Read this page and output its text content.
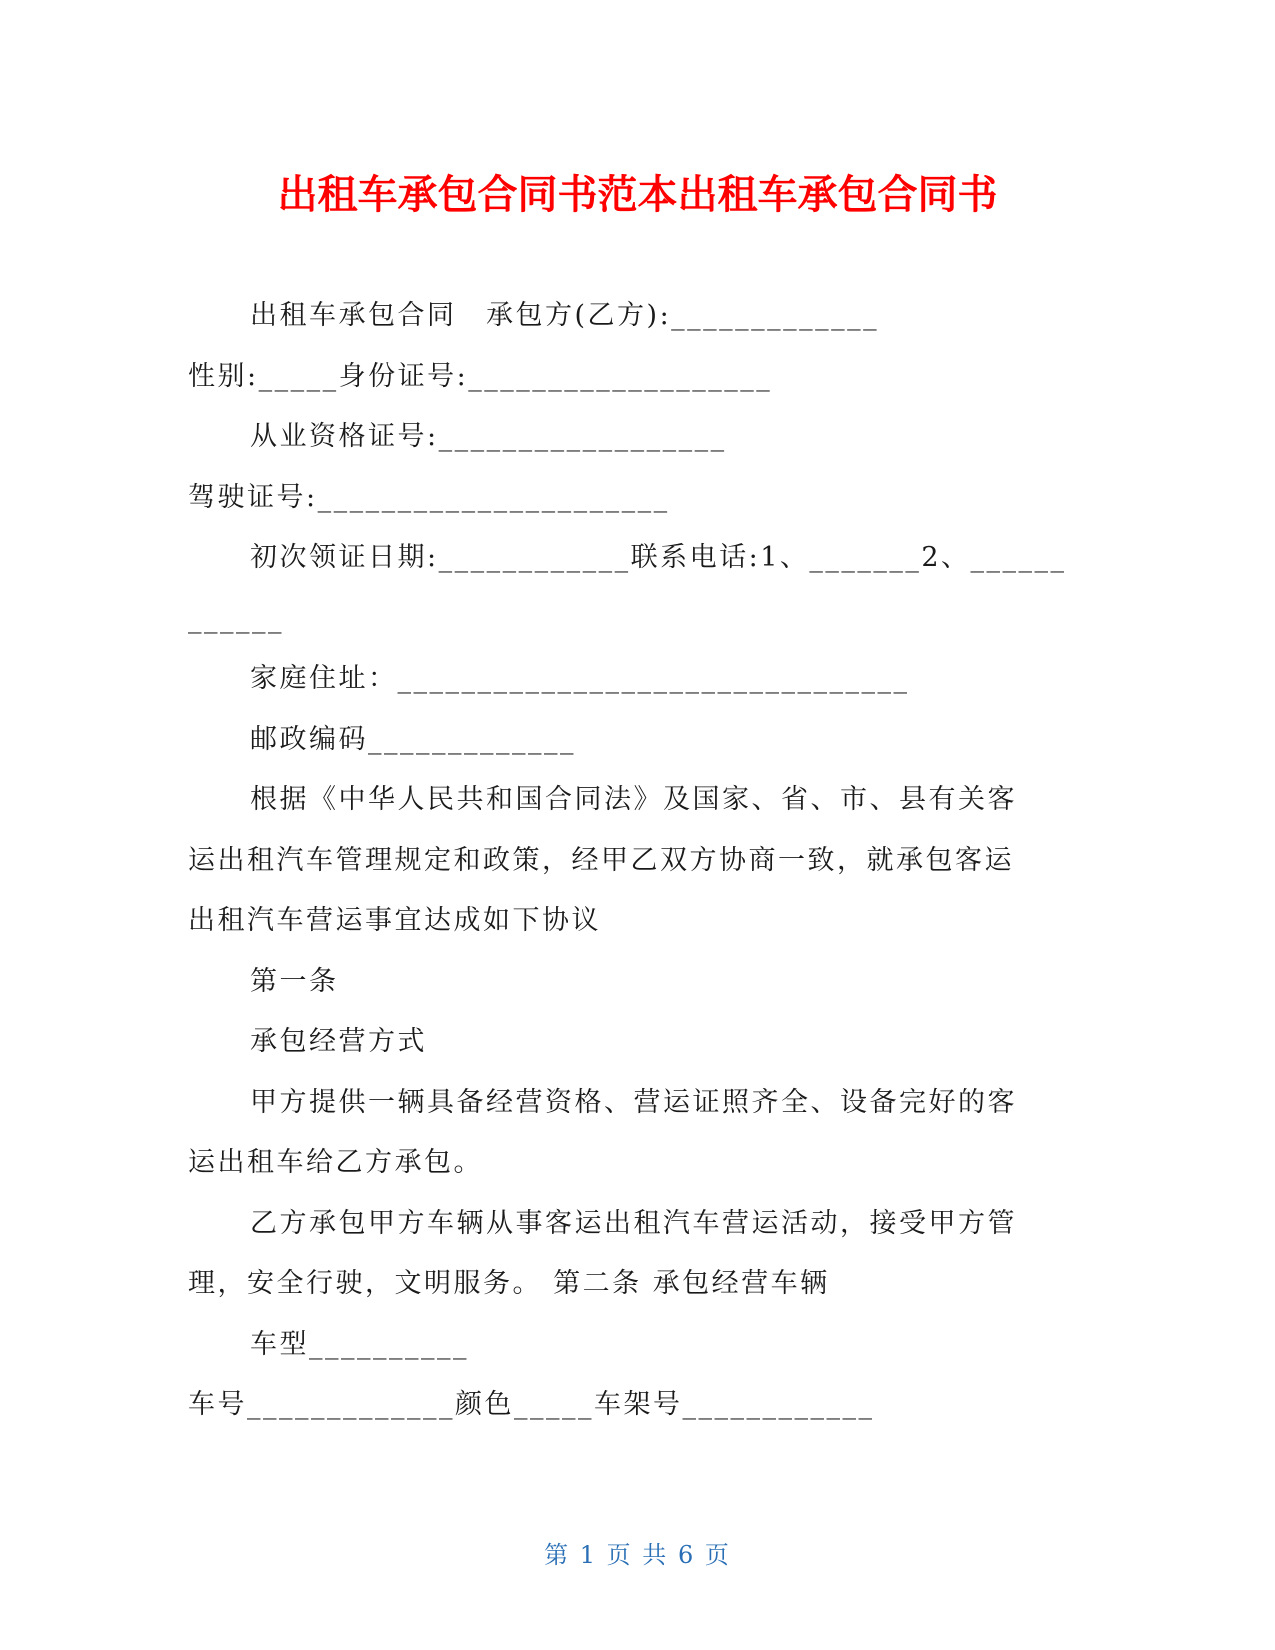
出租车承包合同书范本出租车承包合同书
出租车承包合同　承包方(乙方):_____________
性别:_____身份证号:___________________
从业资格证号:__________________
驾驶证号:______________________
初次领证日期:____________联系电话:1、_______2、______
______
家庭住址：________________________________
邮政编码_____________
根据《中华人民共和国合同法》及国家、省、市、县有关客
运出租汽车管理规定和政策，经甲乙双方协商一致，就承包客运
出租汽车营运事宜达成如下协议
第一条
承包经营方式
甲方提供一辆具备经营资格、营运证照齐全、设备完好的客
运出租车给乙方承包。
乙方承包甲方车辆从事客运出租汽车营运活动，接受甲方管
理，安全行驶，文明服务。 第二条 承包经营车辆
车型__________
车号_____________颜色_____车架号____________
第 1 页 共 6 页
